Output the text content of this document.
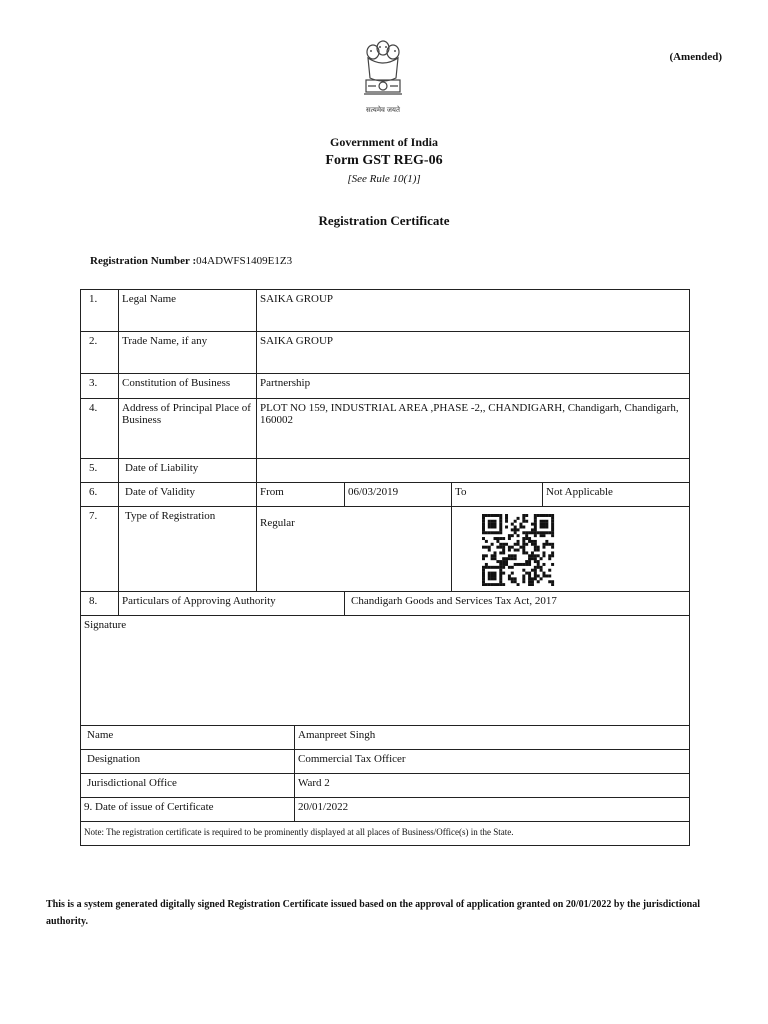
(Amended)
सत्यमेव जयते
Government of India
Form GST REG-06
[See Rule 10(1)]
Registration Certificate
Registration Number :04ADWFS1409E1Z3
1.	Legal Name	SAIKA GROUP				
2.	Trade Name, if any	SAIKA GROUP				
3.	Constitution of Business	Partnership				
4.	Address of Principal Place of Business	PLOT NO 159, INDUSTRIAL AREA ,PHASE -2,, CHANDIGARH, Chandigarh, Chandigarh, 160002				
5.	Date of Liability					
6.	Date of Validity	From		06/03/2019	To	Not Applicable
7.	Type of Registration	Regular	

8.	Particulars of Approving Authority			Chandigarh Goods and Services Tax Act, 2017		
Signature						
Name			Amanpreet Singh			
Designation			Commercial Tax Officer			
Jurisdictional Office			Ward 2			
9. Date of issue of Certificate			20/01/2022			
Note: The registration certificate is required to be prominently displayed at all places of Business/Office(s) in the State.						
This is a system generated digitally signed Registration Certificate issued based on the approval of application granted on 20/01/2022 by the jurisdictional authority.
